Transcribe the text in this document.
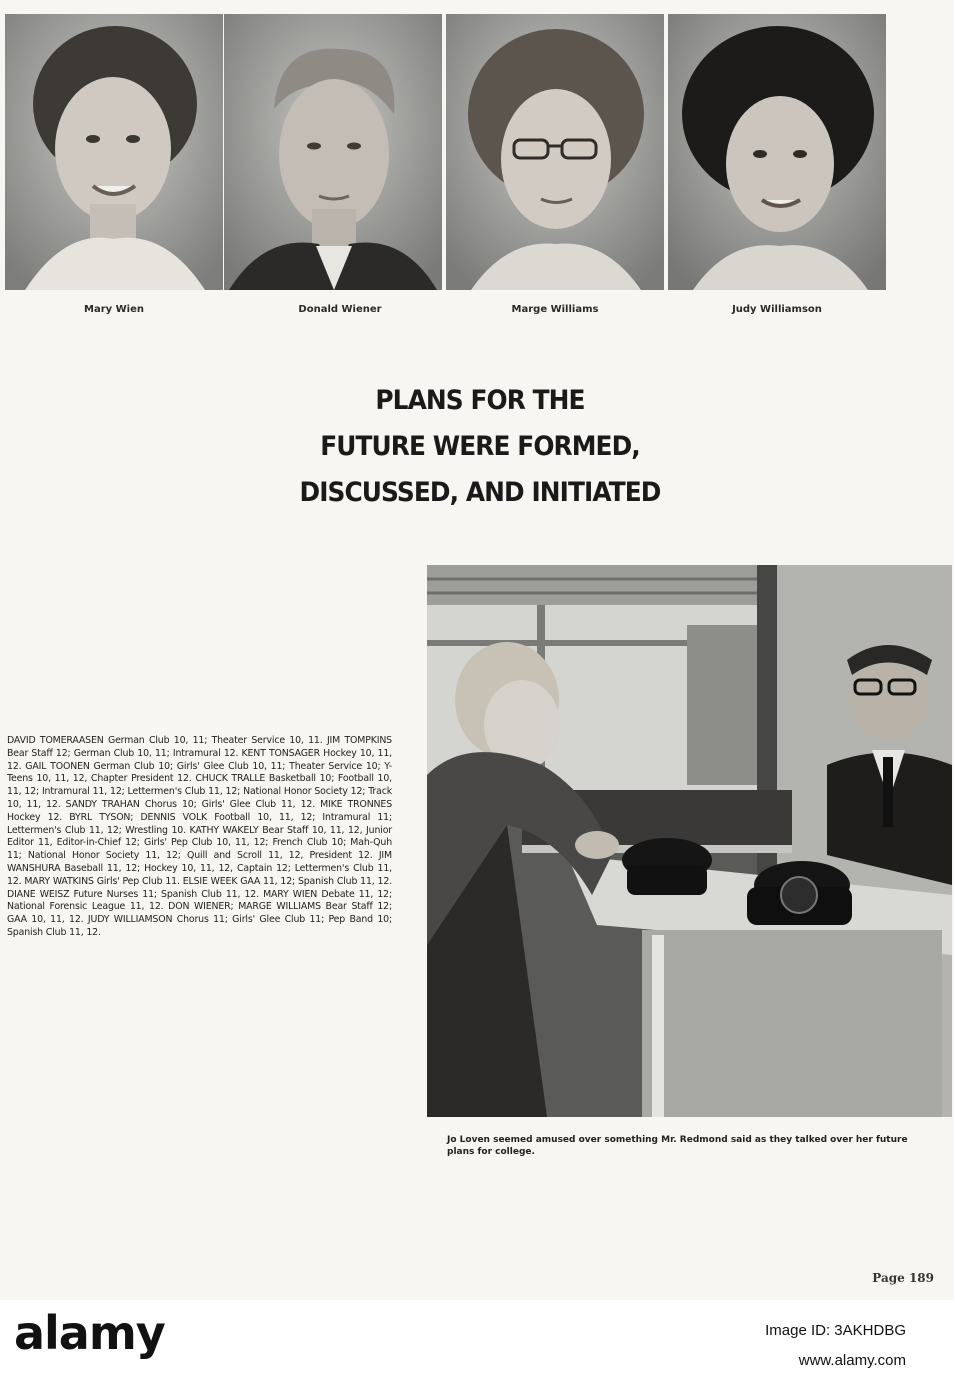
Mary Wien	Donald Wiener	Marge Williams	Judy Williamson
PLANS FOR THE
FUTURE WERE FORMED,
DISCUSSED, AND INITIATED
DAVID TOMERAASEN German Club 10, 11; Theater Service 10, 11. JIM TOMPKINS Bear Staff 12; German Club 10, 11; Intramural 12. KENT TONSAGER Hockey 10, 11, 12. GAIL TOONEN German Club 10; Girls' Glee Club 10, 11; Theater Service 10; Y-Teens 10, 11, 12, Chapter President 12. CHUCK TRALLE Basketball 10; Football 10, 11, 12; Intramural 11, 12; Lettermen's Club 11, 12; National Honor Society 12; Track 10, 11, 12. SANDY TRAHAN Chorus 10; Girls' Glee Club 11, 12. MIKE TRONNES Hockey 12. BYRL TYSON; DENNIS VOLK Football 10, 11, 12; Intramural 11; Lettermen's Club 11, 12; Wrestling 10. KATHY WAKELY Bear Staff 10, 11, 12, Junior Editor 11, Editor-in-Chief 12; Girls' Pep Club 10, 11, 12; French Club 10; Mah-Quh 11; National Honor Society 11, 12; Quill and Scroll 11, 12, President 12. JIM WANSHURA Baseball 11, 12; Hockey 10, 11, 12, Captain 12; Lettermen's Club 11, 12. MARY WATKINS Girls' Pep Club 11. ELSIE WEEK GAA 11, 12; Spanish Club 11, 12. DIANE WEISZ Future Nurses 11; Spanish Club 11, 12. MARY WIEN Debate 11, 12; National Forensic League 11, 12. DON WIENER; MARGE WILLIAMS Bear Staff 12; GAA 10, 11, 12. JUDY WILLIAMSON Chorus 11; Girls' Glee Club 11; Pep Band 10; Spanish Club 11, 12.
Jo Loven seemed amused over something Mr. Redmond said as they talked over her future plans for college.
Page 189
alamy	Image ID: 3AKHDBG
www.alamy.com
